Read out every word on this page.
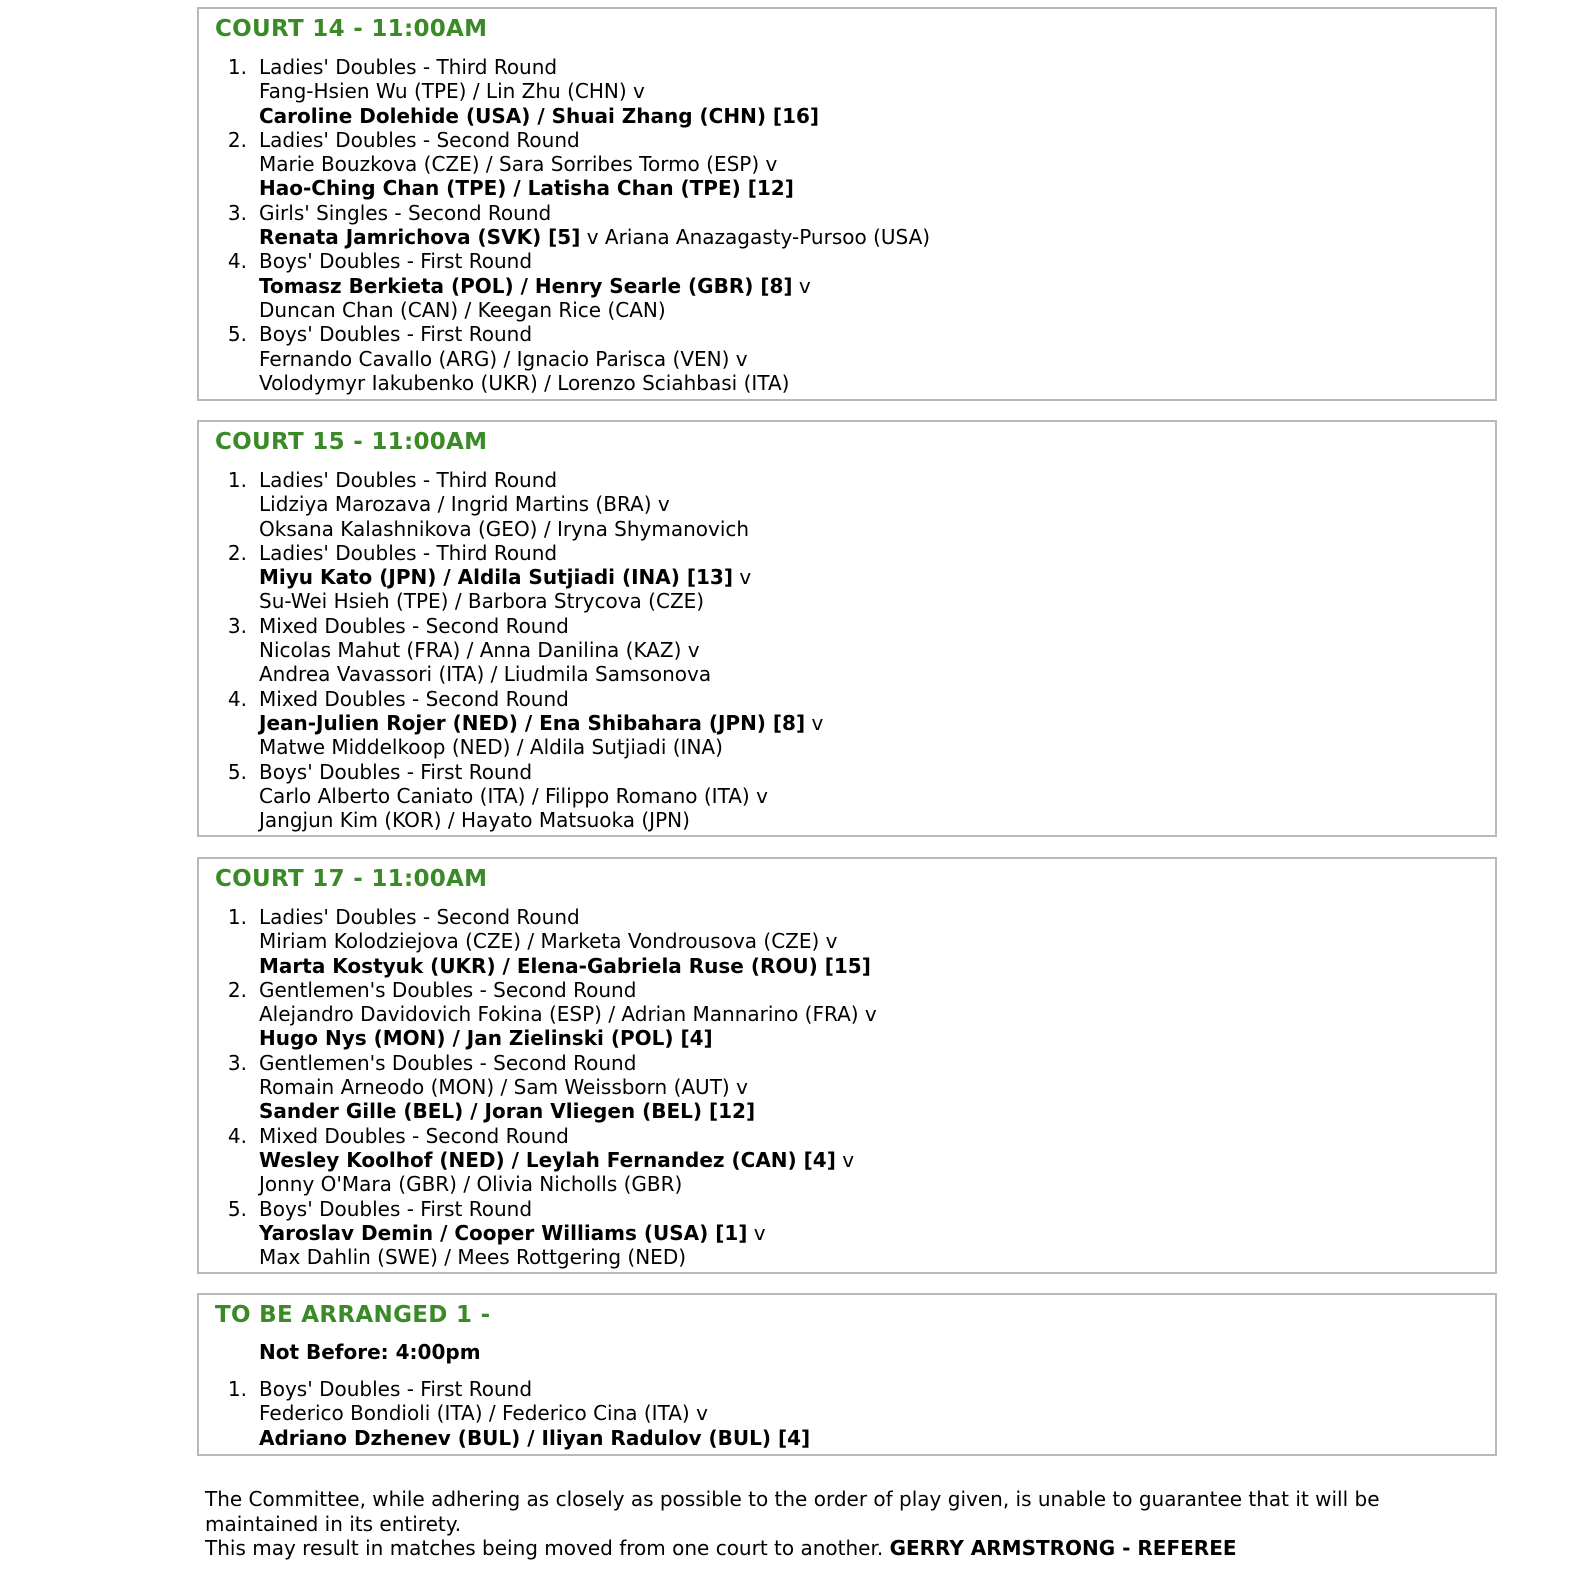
COURT 14 - 11:00AM
1. Ladies' Doubles - Third Round
Fang-Hsien Wu (TPE) / Lin Zhu (CHN) v
Caroline Dolehide (USA) / Shuai Zhang (CHN) [16]
2. Ladies' Doubles - Second Round
Marie Bouzkova (CZE) / Sara Sorribes Tormo (ESP) v
Hao-Ching Chan (TPE) / Latisha Chan (TPE) [12]
3. Girls' Singles - Second Round
Renata Jamrichova (SVK) [5] v Ariana Anazagasty-Pursoo (USA)
4. Boys' Doubles - First Round
Tomasz Berkieta (POL) / Henry Searle (GBR) [8] v
Duncan Chan (CAN) / Keegan Rice (CAN)
5. Boys' Doubles - First Round
Fernando Cavallo (ARG) / Ignacio Parisca (VEN) v
Volodymyr Iakubenko (UKR) / Lorenzo Sciahbasi (ITA)
COURT 15 - 11:00AM
1. Ladies' Doubles - Third Round
Lidziya Marozava / Ingrid Martins (BRA) v
Oksana Kalashnikova (GEO) / Iryna Shymanovich
2. Ladies' Doubles - Third Round
Miyu Kato (JPN) / Aldila Sutjiadi (INA) [13] v
Su-Wei Hsieh (TPE) / Barbora Strycova (CZE)
3. Mixed Doubles - Second Round
Nicolas Mahut (FRA) / Anna Danilina (KAZ) v
Andrea Vavassori (ITA) / Liudmila Samsonova
4. Mixed Doubles - Second Round
Jean-Julien Rojer (NED) / Ena Shibahara (JPN) [8] v
Matwe Middelkoop (NED) / Aldila Sutjiadi (INA)
5. Boys' Doubles - First Round
Carlo Alberto Caniato (ITA) / Filippo Romano (ITA) v
Jangjun Kim (KOR) / Hayato Matsuoka (JPN)
COURT 17 - 11:00AM
1. Ladies' Doubles - Second Round
Miriam Kolodziejova (CZE) / Marketa Vondrousova (CZE) v
Marta Kostyuk (UKR) / Elena-Gabriela Ruse (ROU) [15]
2. Gentlemen's Doubles - Second Round
Alejandro Davidovich Fokina (ESP) / Adrian Mannarino (FRA) v
Hugo Nys (MON) / Jan Zielinski (POL) [4]
3. Gentlemen's Doubles - Second Round
Romain Arneodo (MON) / Sam Weissborn (AUT) v
Sander Gille (BEL) / Joran Vliegen (BEL) [12]
4. Mixed Doubles - Second Round
Wesley Koolhof (NED) / Leylah Fernandez (CAN) [4] v
Jonny O'Mara (GBR) / Olivia Nicholls (GBR)
5. Boys' Doubles - First Round
Yaroslav Demin / Cooper Williams (USA) [1] v
Max Dahlin (SWE) / Mees Rottgering (NED)
TO BE ARRANGED 1 -
Not Before: 4:00pm
1. Boys' Doubles - First Round
Federico Bondioli (ITA) / Federico Cina (ITA) v
Adriano Dzhenev (BUL) / Iliyan Radulov (BUL) [4]
The Committee, while adhering as closely as possible to the order of play given, is unable to guarantee that it will be maintained in its entirety.
This may result in matches being moved from one court to another. GERRY ARMSTRONG - REFEREE
